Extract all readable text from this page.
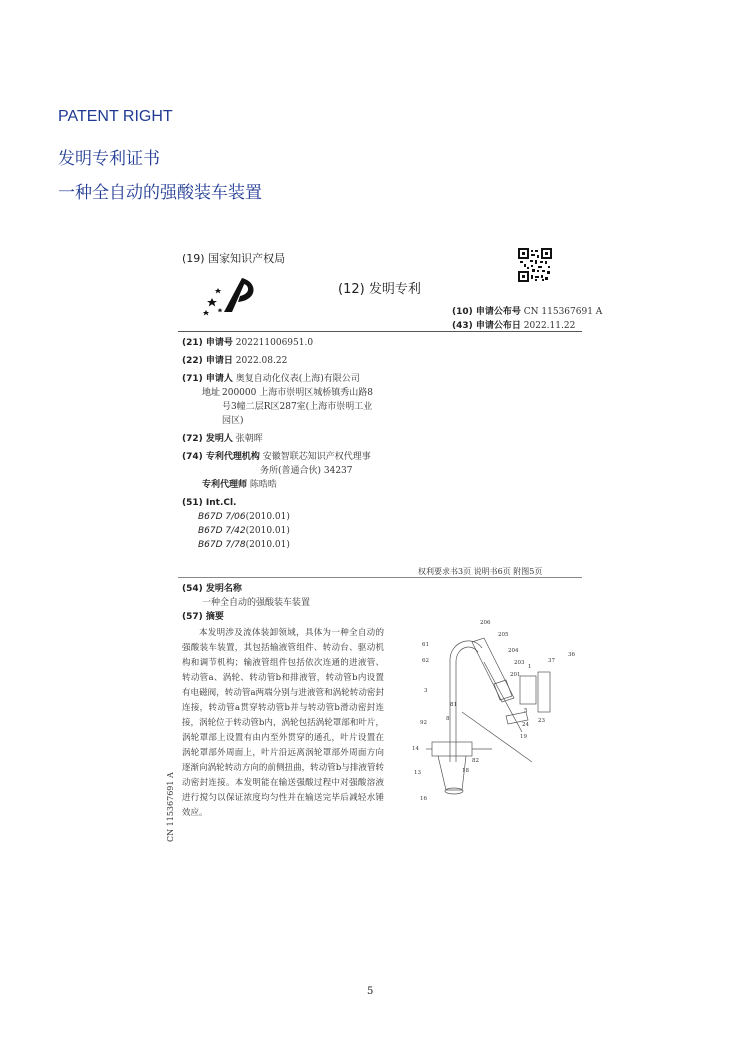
PATENT RIGHT
发明专利证书
一种全自动的强酸装车装置
(19) 国家知识产权局
(12) 发明专利
(10) 申请公布号 CN 115367691 A
(43) 申请公布日 2022.11.22
(21) 申请号 202211006951.0
(22) 申请日 2022.08.22
(71) 申请人 奥复自动化仪表(上海)有限公司
地址 200000 上海市崇明区城桥镇秀山路8
号3幢二层R区287室(上海市崇明工业
园区)
(72) 发明人 张朝晖
(74) 专利代理机构 安徽智联芯知识产权代理事
务所(普通合伙) 34237
专利代理师 陈晧晧
(51) Int.Cl.
B67D 7/06(2010.01)
B67D 7/42(2010.01)
B67D 7/78(2010.01)
权利要求书3页 说明书6页 附图5页
(54) 发明名称
一种全自动的强酸装车装置
(57) 摘要
本发明涉及流体装卸领域，具体为一种全自动的强酸装车装置，其包括输液管组件、转动台、驱动机构和调节机构；输液管组件包括依次连通的进液管、转动管a、涡轮、转动管b和排液管，转动管b内设置有电磁阀，转动管a两端分别与进液管和涡轮转动密封连接，转动管a贯穿转动管b并与转动管b滑动密封连接，涡轮位于转动管b内，涡轮包括涡轮罩部和叶片，涡轮罩部上设置有由内至外贯穿的通孔，叶片设置在涡轮罩部外周面上，叶片沿远离涡轮罩部外周面方向逐渐向涡轮转动方向的前侧扭曲，转动管b与排液管转动密封连接。本发明能在输送强酸过程中对强酸溶液进行搅匀以保证浓度均匀性并在输送完毕后减轻水锤效应。
206
205
61
62
204
203
201
1
37
36
3
5
81
24
23
92
8
19
14
82
13	18
16
CN 115367691 A
5
